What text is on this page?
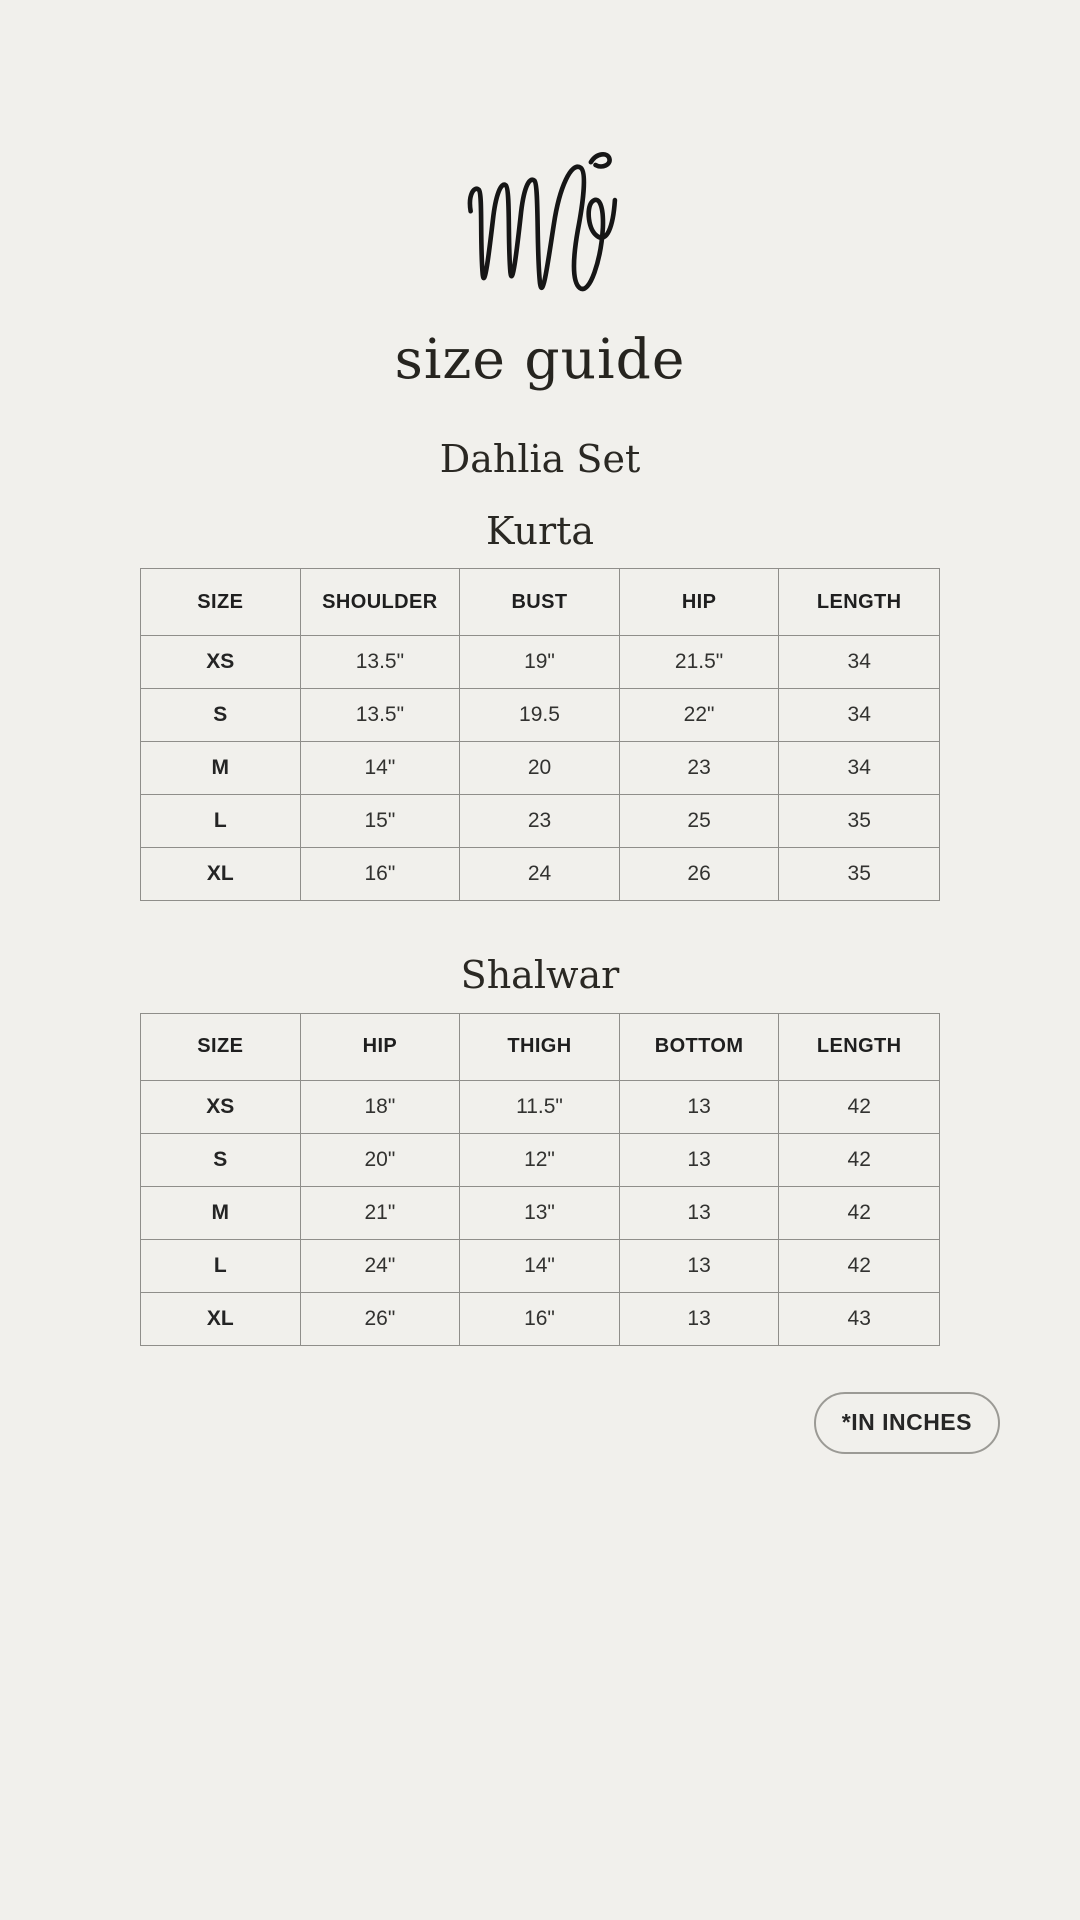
size guide
Dahlia Set
Kurta
SIZE	SHOULDER	BUST	HIP	LENGTH
XS	13.5"	19"	21.5"	34
S	13.5"	19.5	22"	34
M	14"	20	23	34
L	15"	23	25	35
XL	16"	24	26	35
Shalwar
SIZE	HIP	THIGH	BOTTOM	LENGTH
XS	18"	11.5"	13	42
S	20"	12"	13	42
M	21"	13"	13	42
L	24"	14"	13	42
XL	26"	16"	13	43
*IN INCHES
